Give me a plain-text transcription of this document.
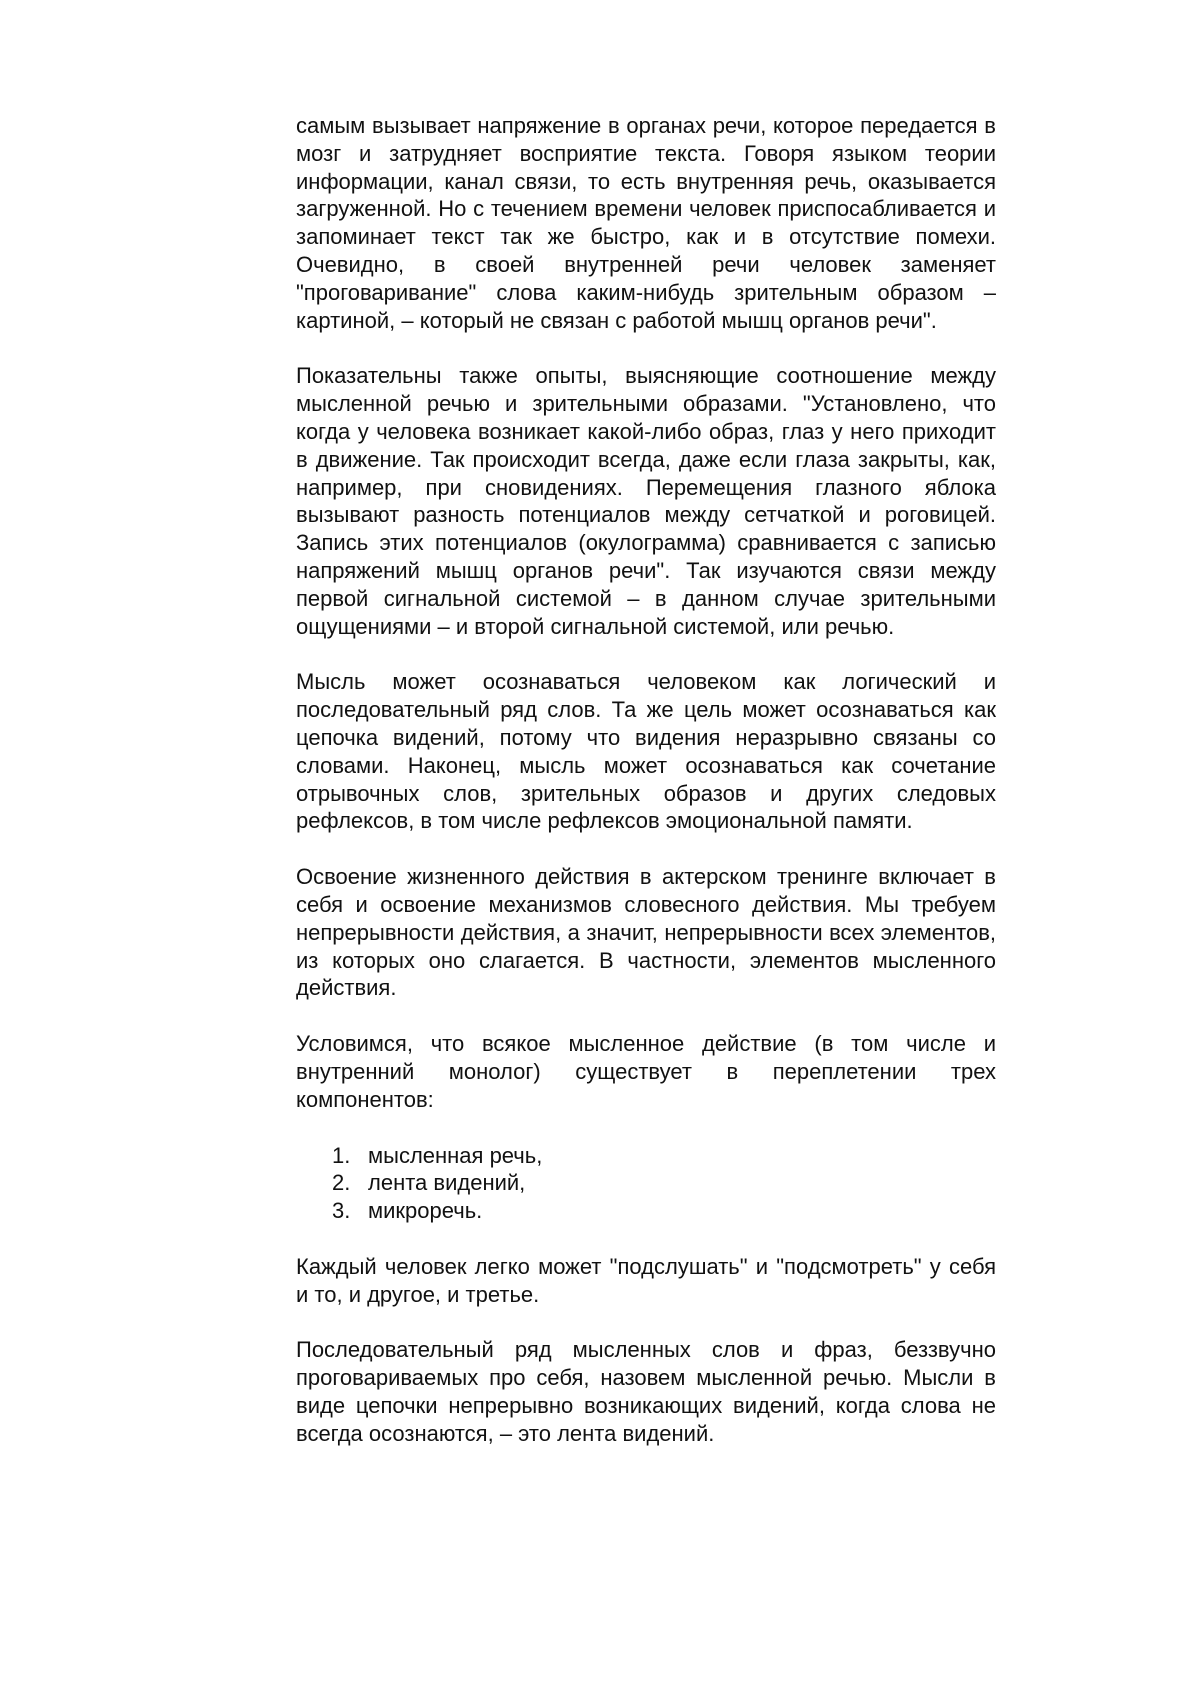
самым вызывает напряжение в органах речи, которое передается в мозг и затрудняет восприятие текста. Говоря языком теории информации, канал связи, то есть внутренняя речь, оказывается загруженной. Но с течением времени человек приспосабливается и запоминает текст так же быстро, как и в отсутствие помехи. Очевидно, в своей внутренней речи человек заменяет "проговаривание" слова каким-нибудь зрительным образом – картиной, – который не связан с работой мышц органов речи".

Показательны также опыты, выясняющие соотношение между мысленной речью и зрительными образами. "Установлено, что когда у человека возникает какой-либо образ, глаз у него приходит в движение. Так происходит всегда, даже если глаза закрыты, как, например, при сновидениях. Перемещения глазного яблока вызывают разность потенциалов между сетчаткой и роговицей. Запись этих потенциалов (окулограмма) сравнивается с записью напряжений мышц органов речи". Так изучаются связи между первой сигнальной системой – в данном случае зрительными ощущениями – и второй сигнальной системой, или речью.

Мысль может осознаваться человеком как логический и последовательный ряд слов. Та же цель может осознаваться как цепочка видений, потому что видения неразрывно связаны со словами. Наконец, мысль может осознаваться как сочетание отрывочных слов, зрительных образов и других следовых рефлексов, в том числе рефлексов эмоциональной памяти.

Освоение жизненного действия в актерском тренинге включает в себя и освоение механизмов словесного действия. Мы требуем непрерывности действия, а значит, непрерывности всех элементов, из которых оно слагается. В частности, элементов мысленного действия.

Условимся, что всякое мысленное действие (в том числе и внутренний монолог) существует в переплетении трех компонентов:

1. мысленная речь,
2. лента видений,
3. микроречь.

Каждый человек легко может "подслушать" и "подсмотреть" у себя и то, и другое, и третье.

Последовательный ряд мысленных слов и фраз, беззвучно проговариваемых про себя, назовем мысленной речью. Мысли в виде цепочки непрерывно возникающих видений, когда слова не всегда осознаются, – это лента видений.
